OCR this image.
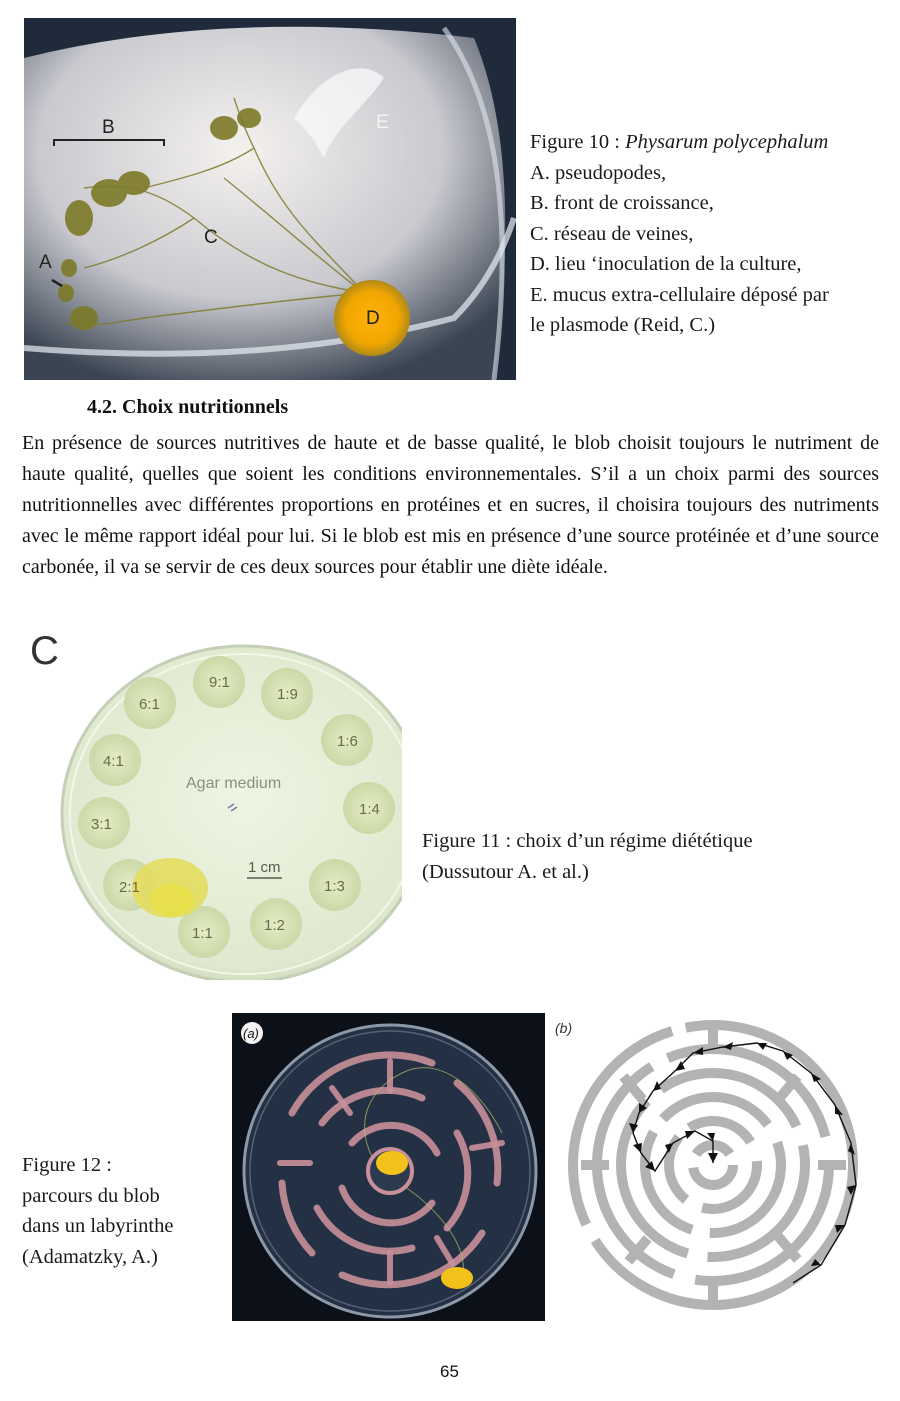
B
A
C
D
E
Figure 10 : Physarum polycephalum
A. pseudopodes,
B. front de croissance,
C. réseau de veines,
D. lieu ‘inoculation de la culture,
E. mucus extra-cellulaire déposé par
le plasmode (Reid, C.)
4.2. Choix nutritionnels
En présence de sources nutritives de haute et de basse qualité, le blob choisit toujours le nutriment de haute qualité, quelles que soient les conditions environnementales. S’il a un choix parmi des sources nutritionnelles avec différentes proportions en protéines et en sucres, il choisira toujours des nutriments avec le même rapport idéal pour lui. Si le blob est mis en présence d’une source protéinée et d’une source carbonée, il va se servir de ces deux sources pour établir une diète idéale.
C
Agar medium
1 cm
9:1
1:9
1:6
1:4
1:3
1:2
1:1
2:1
3:1
4:1
6:1
Figure 11 : choix d’un régime diététique
(Dussutour A. et al.)
Figure 12 :
parcours du blob
dans un labyrinthe
(Adamatzky, A.)
(a)	(b)
65
